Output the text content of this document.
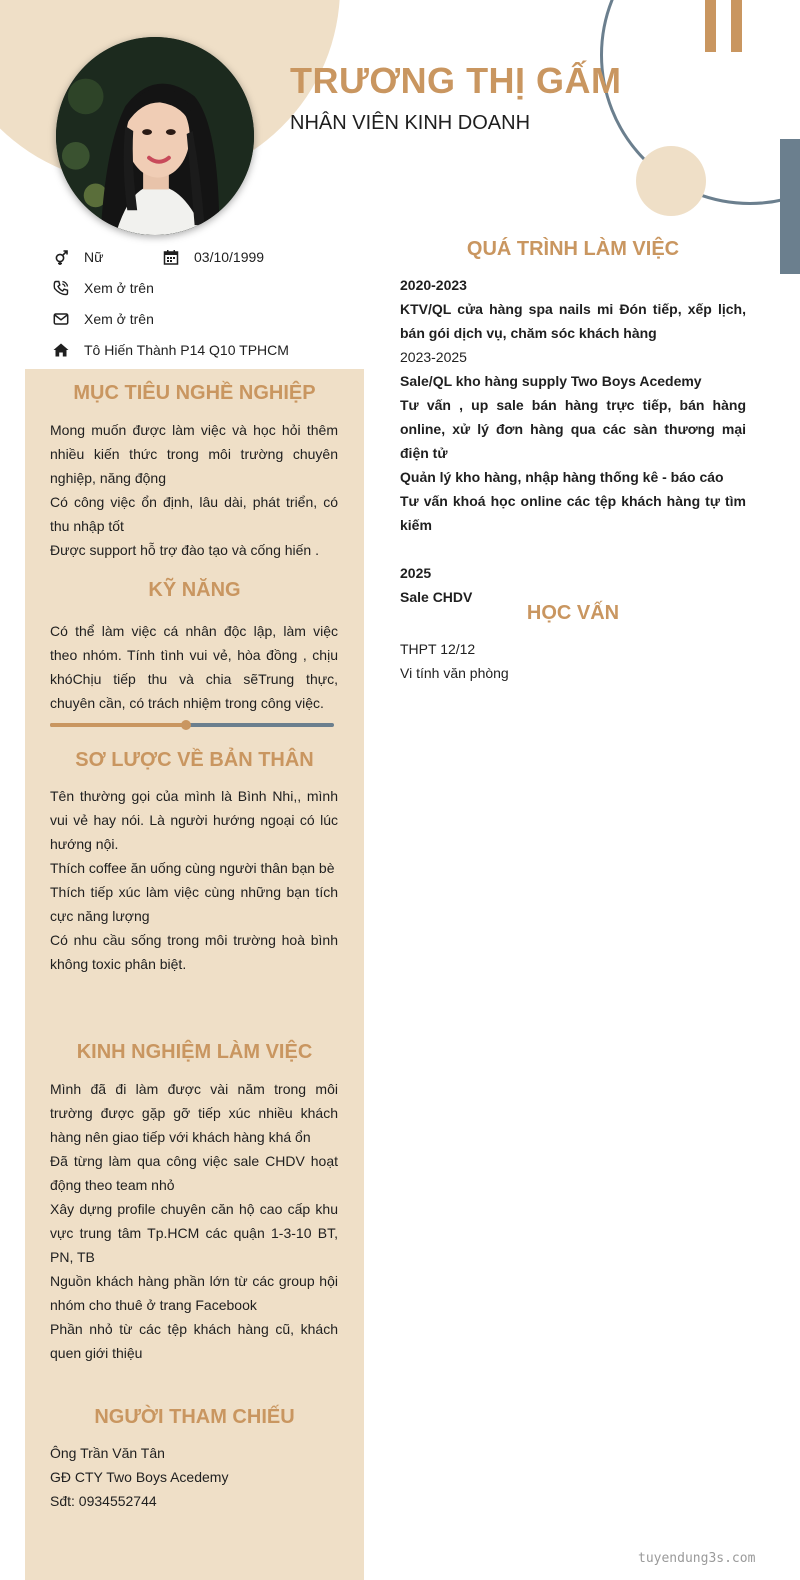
TRƯƠNG THỊ GẤM
NHÂN VIÊN KINH DOANH
Nữ	03/10/1999
Xem ở trên
Xem ở trên
Tô Hiến Thành P14 Q10 TPHCM
MỤC TIÊU NGHỀ NGHIỆP
Mong muốn được làm việc và học hỏi thêm nhiều kiến thức trong môi trường chuyên nghiệp, năng động
Có công việc ổn định, lâu dài, phát triển, có thu nhập tốt
Được support hỗ trợ đào tạo và cống hiến .
KỸ NĂNG
Có thể làm việc cá nhân độc lập, làm việc theo nhóm. Tính tình vui vẻ, hòa đồng , chịu khóChịu tiếp thu và chia sẽTrung thực, chuyên cần, có trách nhiệm trong công việc.
SƠ LƯỢC VỀ BẢN THÂN
Tên thường gọi của mình là Bình Nhi,, mình vui vẻ hay nói. Là người hướng ngoại có lúc hướng nội.
Thích coffee ăn uống cùng người thân bạn bè
Thích tiếp xúc làm việc cùng những bạn tích cực năng lượng
Có nhu cầu sống trong môi trường hoà bình không toxic phân biệt.
KINH NGHIỆM LÀM VIỆC
Mình đã đi làm được vài năm trong môi trường được gặp gỡ tiếp xúc nhiều khách hàng nên giao tiếp với khách hàng khá ổn
Đã từng làm qua công việc sale CHDV hoạt động theo team nhỏ
Xây dựng profile chuyên căn hộ cao cấp khu vực trung tâm Tp.HCM các quận 1-3-10 BT, PN, TB
Nguồn khách hàng phần lớn từ các group hội nhóm cho thuê ở trang Facebook
Phần nhỏ từ các tệp khách hàng cũ, khách quen giới thiệu
NGƯỜI THAM CHIẾU
Ông Trần Văn Tân
GĐ CTY Two Boys Acedemy
Sđt: 0934552744
QUÁ TRÌNH LÀM VIỆC
2020-2023
KTV/QL cửa hàng spa nails mi Đón tiếp, xếp lịch, bán gói dịch vụ, chăm sóc khách hàng
2023-2025
Sale/QL kho hàng supply Two Boys Acedemy
Tư vấn , up sale bán hàng trực tiếp, bán hàng online, xử lý đơn hàng qua các sàn thương mại điện tử
Quản lý kho hàng, nhập hàng thống kê - báo cáo
Tư vấn khoá học online các tệp khách hàng tự tìm kiếm
2025
Sale CHDV
HỌC VẤN
THPT 12/12
Vi tính văn phòng
tuyendung3s.com
